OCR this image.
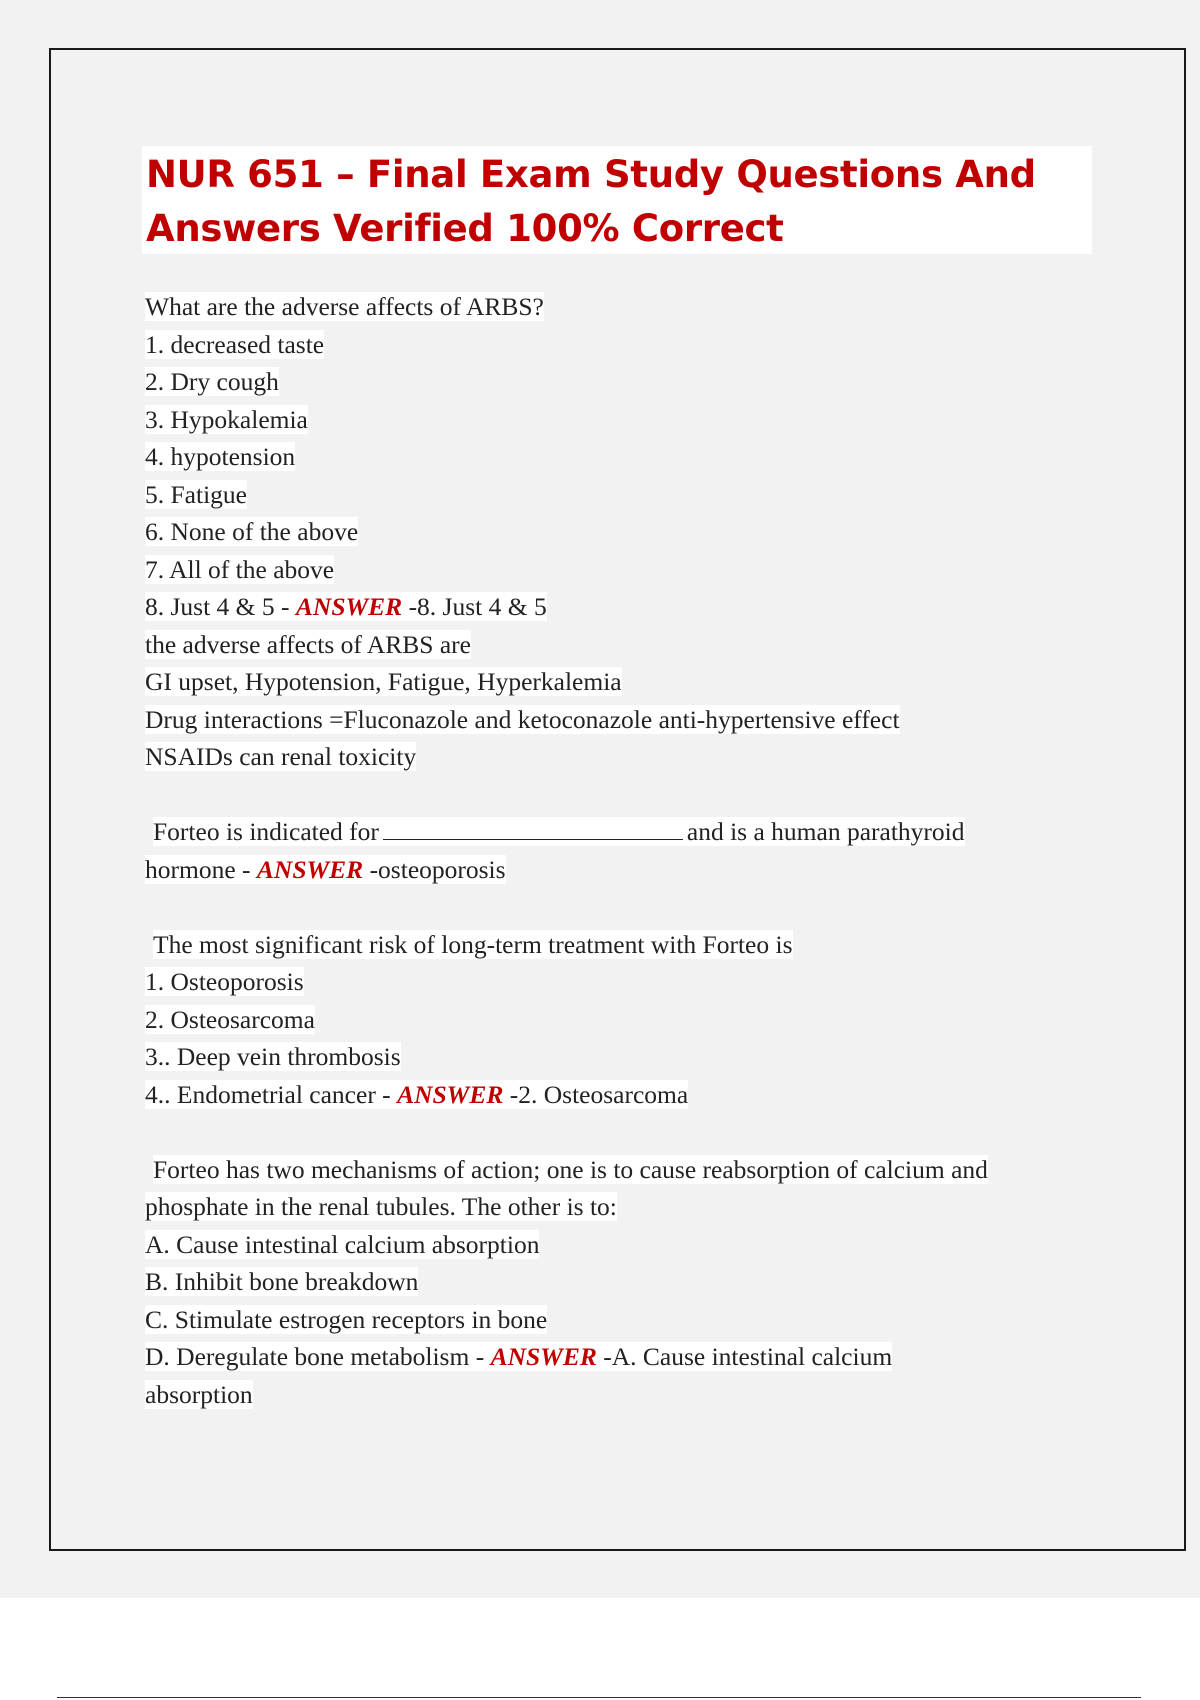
NUR 651 – Final Exam Study Questions And Answers Verified 100% Correct
What are the adverse affects of ARBS?
1. decreased taste
2. Dry cough
3. Hypokalemia
4. hypotension
5. Fatigue
6. None of the above
7. All of the above
8. Just 4 & 5 - ANSWER -8. Just 4 & 5
the adverse affects of ARBS are
GI upset, Hypotension, Fatigue, Hyperkalemia
Drug interactions =Fluconazole and ketoconazole anti-hypertensive effect
NSAIDs can renal toxicity
Forteo is indicated for	and is a human parathyroid
hormone - ANSWER -osteoporosis
The most significant risk of long-term treatment with Forteo is
1. Osteoporosis
2. Osteosarcoma
3.. Deep vein thrombosis
4.. Endometrial cancer - ANSWER -2. Osteosarcoma
Forteo has two mechanisms of action; one is to cause reabsorption of calcium and
phosphate in the renal tubules. The other is to:
A. Cause intestinal calcium absorption
B. Inhibit bone breakdown
C. Stimulate estrogen receptors in bone
D. Deregulate bone metabolism - ANSWER -A. Cause intestinal calcium
absorption
